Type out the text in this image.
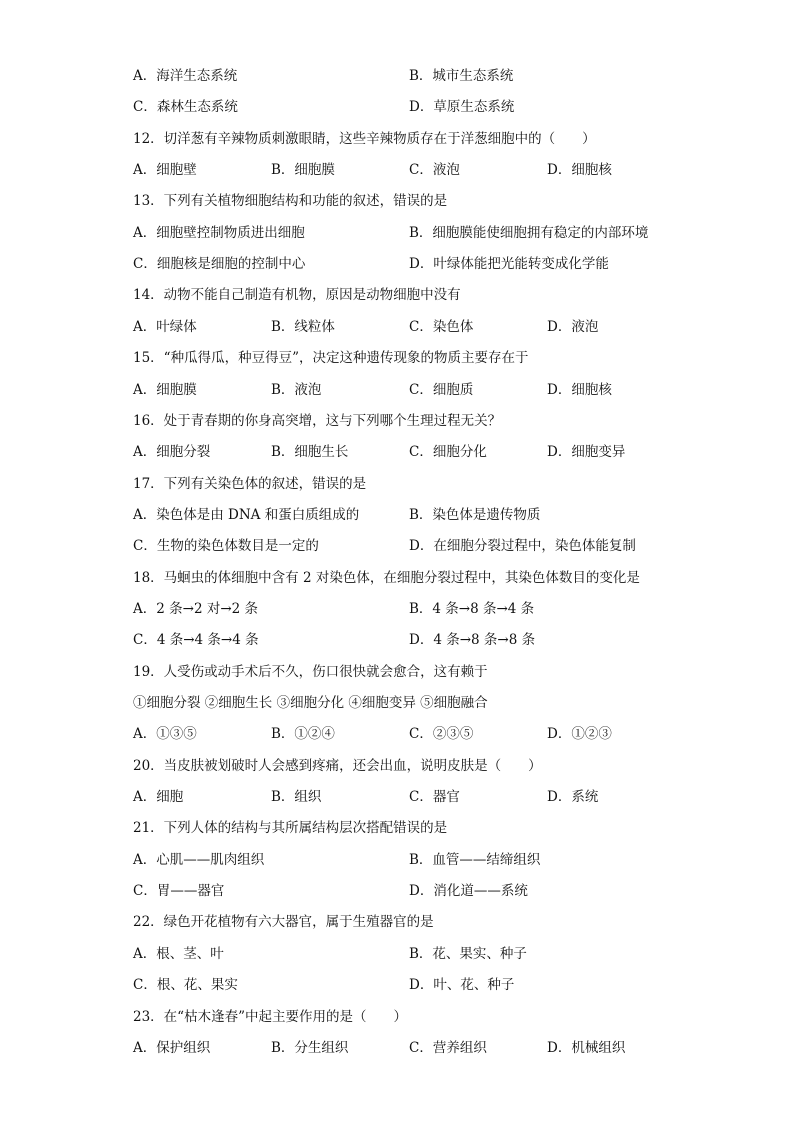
A．海洋生态系统	B．城市生态系统
C．森林生态系统	D．草原生态系统
12．切洋葱有辛辣物质刺激眼睛，这些辛辣物质存在于洋葱细胞中的（　　）
A．细胞壁	B．细胞膜	C．液泡	D．细胞核
13．下列有关植物细胞结构和功能的叙述，错误的是
A．细胞壁控制物质进出细胞	B．细胞膜能使细胞拥有稳定的内部环境
C．细胞核是细胞的控制中心	D．叶绿体能把光能转变成化学能
14．动物不能自己制造有机物，原因是动物细胞中没有
A．叶绿体	B．线粒体	C．染色体	D．液泡
15．“种瓜得瓜，种豆得豆”，决定这种遗传现象的物质主要存在于
A．细胞膜	B．液泡	C．细胞质	D．细胞核
16．处于青春期的你身高突增，这与下列哪个生理过程无关？
A．细胞分裂	B．细胞生长	C．细胞分化	D．细胞变异
17．下列有关染色体的叙述，错误的是
A．染色体是由 DNA 和蛋白质组成的	B．染色体是遗传物质
C．生物的染色体数目是一定的	D．在细胞分裂过程中，染色体能复制
18．马蛔虫的体细胞中含有 2 对染色体，在细胞分裂过程中，其染色体数目的变化是
A．2 条→2 对→2 条	B．4 条→8 条→4 条
C．4 条→4 条→4 条	D．4 条→8 条→8 条
19．人受伤或动手术后不久，伤口很快就会愈合，这有赖于
①细胞分裂 ②细胞生长 ③细胞分化 ④细胞变异 ⑤细胞融合
A．①③⑤	B．①②④	C．②③⑤	D．①②③
20．当皮肤被划破时人会感到疼痛，还会出血，说明皮肤是（　　）
A．细胞	B．组织	C．器官	D．系统
21．下列人体的结构与其所属结构层次搭配错误的是
A．心肌——肌肉组织	B．血管——结缔组织
C．胃——器官	D．消化道——系统
22．绿色开花植物有六大器官，属于生殖器官的是
A．根、茎、叶	B．花、果实、种子
C．根、花、果实	D．叶、花、种子
23．在“枯木逢春”中起主要作用的是（　　）
A．保护组织	B．分生组织	C．营养组织	D．机械组织
